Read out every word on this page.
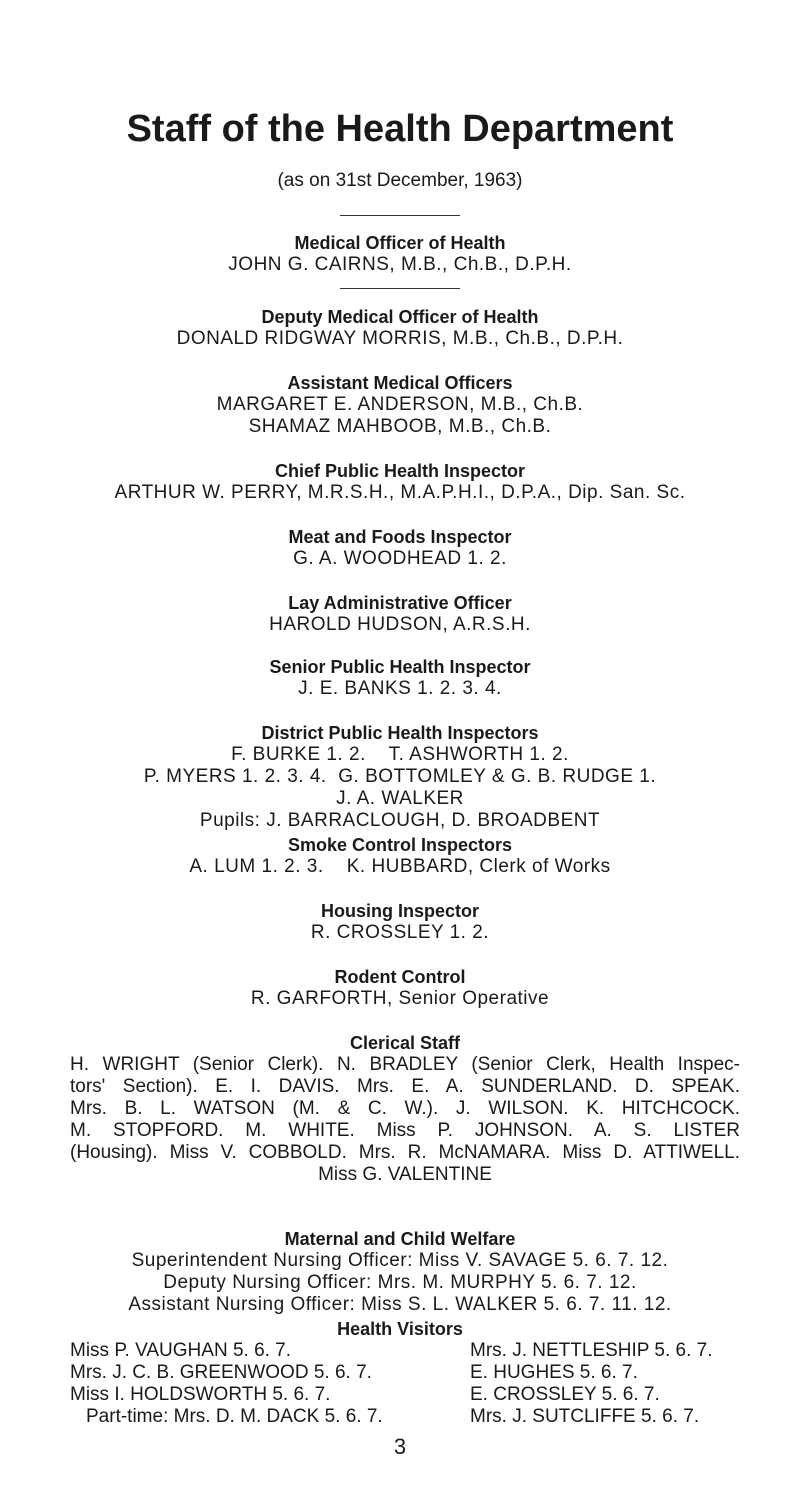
Staff of the Health Department
(as on 31st December, 1963)
Medical Officer of Health
JOHN G. CAIRNS, M.B., Ch.B., D.P.H.
Deputy Medical Officer of Health
DONALD RIDGWAY MORRIS, M.B., Ch.B., D.P.H.
Assistant Medical Officers
MARGARET E. ANDERSON, M.B., Ch.B.
SHAMAZ MAHBOOB, M.B., Ch.B.
Chief Public Health Inspector
ARTHUR W. PERRY, M.R.S.H., M.A.P.H.I., D.P.A., Dip. San. Sc.
Meat and Foods Inspector
G. A. WOODHEAD 1. 2.
Lay Administrative Officer
HAROLD HUDSON, A.R.S.H.
Senior Public Health Inspector
J. E. BANKS 1. 2. 3. 4.
District Public Health Inspectors
F. BURKE 1. 2.    T. ASHWORTH 1. 2.
P. MYERS 1. 2. 3. 4.  G. BOTTOMLEY & G. B. RUDGE 1.
J. A. WALKER
Pupils: J. BARRACLOUGH, D. BROADBENT
Smoke Control Inspectors
A. LUM 1. 2. 3.    K. HUBBARD, Clerk of Works
Housing Inspector
R. CROSSLEY 1. 2.
Rodent Control
R. GARFORTH, Senior Operative
Clerical Staff
H. WRIGHT (Senior Clerk). N. BRADLEY (Senior Clerk, Health Inspec-
tors' Section). E. I. DAVIS. Mrs. E. A. SUNDERLAND. D. SPEAK.
Mrs. B. L. WATSON (M. & C. W.). J. WILSON. K. HITCHCOCK.
M. STOPFORD. M. WHITE. Miss P. JOHNSON. A. S. LISTER
(Housing). Miss V. COBBOLD. Mrs. R. McNAMARA. Miss D. ATTIWELL.
Miss G. VALENTINE
Maternal and Child Welfare
Superintendent Nursing Officer: Miss V. SAVAGE 5. 6. 7. 12.
Deputy Nursing Officer: Mrs. M. MURPHY 5. 6. 7. 12.
Assistant Nursing Officer: Miss S. L. WALKER 5. 6. 7. 11. 12.
Health Visitors
Miss P. VAUGHAN 5. 6. 7.
Mrs. J. C. B. GREENWOOD 5. 6. 7.
Miss I. HOLDSWORTH 5. 6. 7.
Part-time: Mrs. D. M. DACK 5. 6. 7.
Mrs. J. NETTLESHIP 5. 6. 7.
E. HUGHES 5. 6. 7.
E. CROSSLEY 5. 6. 7.
Mrs. J. SUTCLIFFE 5. 6. 7.
3
